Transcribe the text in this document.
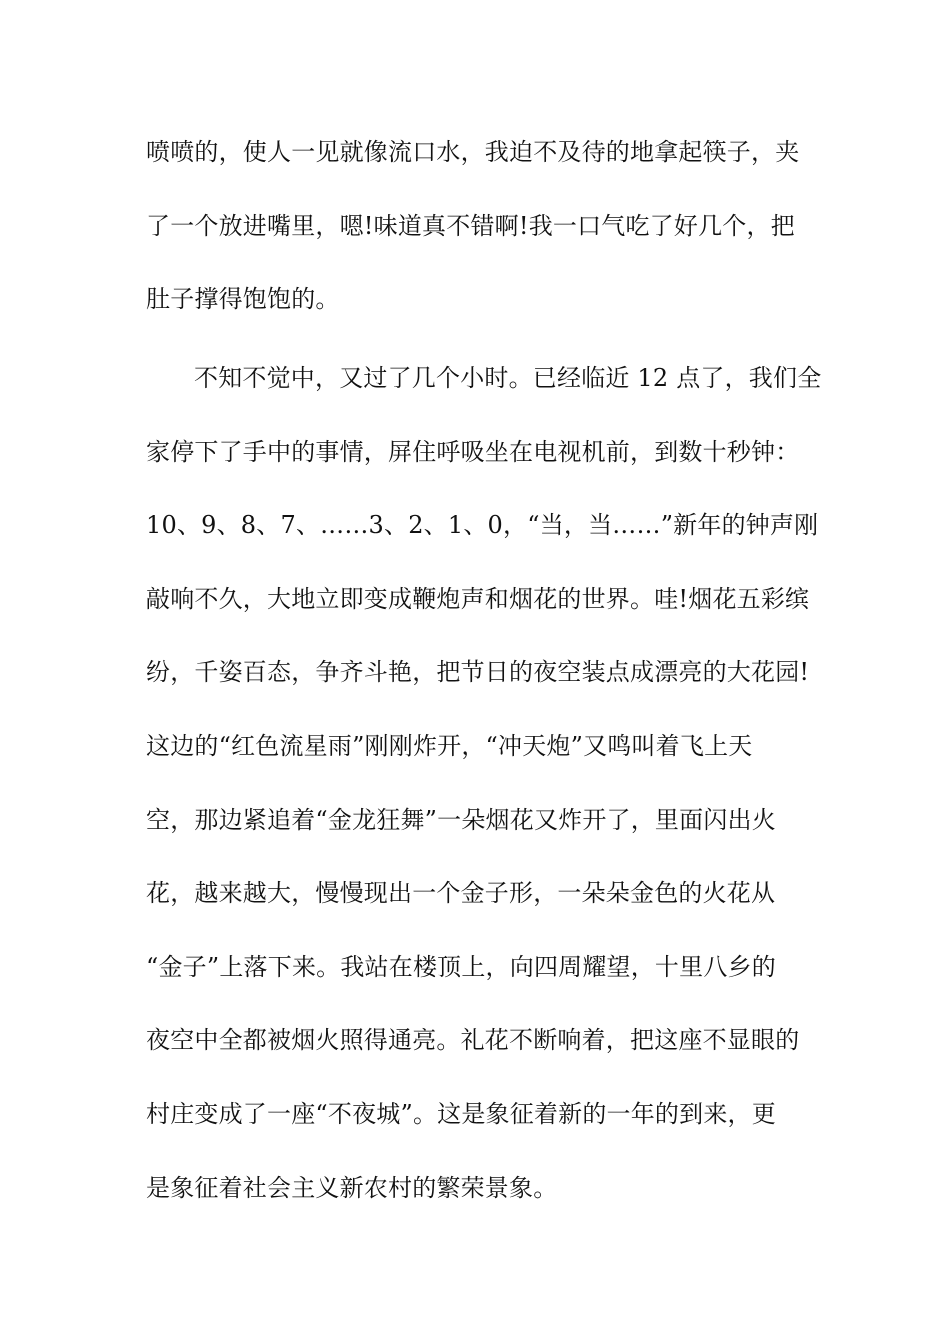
喷喷的，使人一见就像流口水，我迫不及待的地拿起筷子，夹
了一个放进嘴里，嗯!味道真不错啊!我一口气吃了好几个，把
肚子撑得饱饱的。
不知不觉中，又过了几个小时。已经临近 12 点了，我们全
家停下了手中的事情，屏住呼吸坐在电视机前，到数十秒钟：
10、9、8、7、……3、2、1、0，“当，当……”新年的钟声刚
敲响不久，大地立即变成鞭炮声和烟花的世界。哇!烟花五彩缤
纷，千姿百态，争齐斗艳，把节日的夜空装点成漂亮的大花园!
这边的“红色流星雨”刚刚炸开，“冲天炮”又鸣叫着飞上天
空，那边紧追着“金龙狂舞”一朵烟花又炸开了，里面闪出火
花，越来越大，慢慢现出一个金子形，一朵朵金色的火花从
“金子”上落下来。我站在楼顶上，向四周耀望，十里八乡的
夜空中全都被烟火照得通亮。礼花不断响着，把这座不显眼的
村庄变成了一座“不夜城”。这是象征着新的一年的到来，更
是象征着社会主义新农村的繁荣景象。
